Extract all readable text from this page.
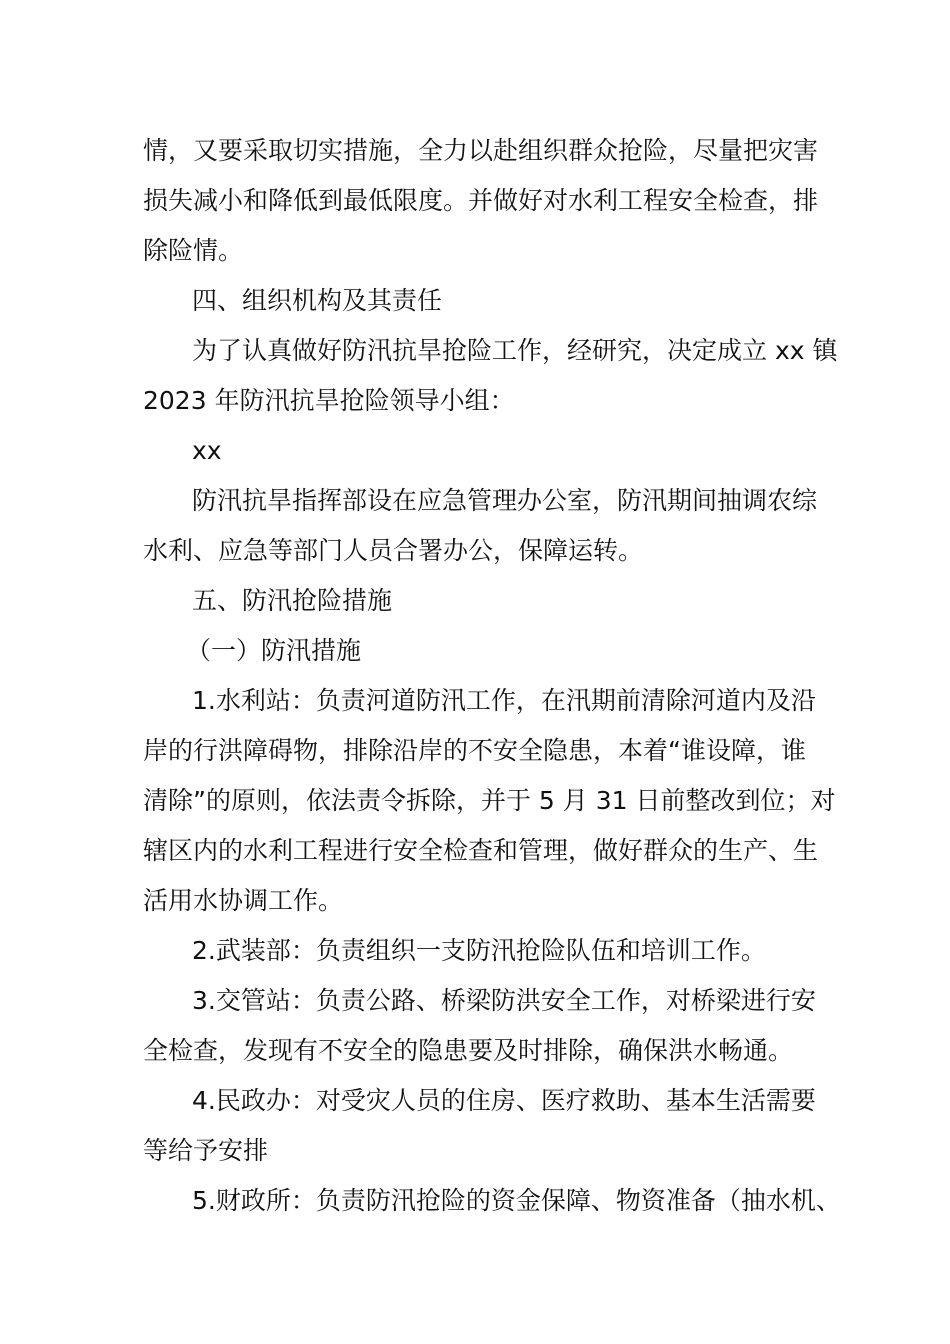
情，又要采取切实措施，全力以赴组织群众抢险，尽量把灾害
损失减小和降低到最低限度。并做好对水利工程安全检查，排
除险情。
四、组织机构及其责任
为了认真做好防汛抗旱抢险工作，经研究，决定成立 xx 镇
2023 年防汛抗旱抢险领导小组：
xx
防汛抗旱指挥部设在应急管理办公室，防汛期间抽调农综
水利、应急等部门人员合署办公，保障运转。
五、防汛抢险措施
（一）防汛措施
1.水利站：负责河道防汛工作，在汛期前清除河道内及沿
岸的行洪障碍物，排除沿岸的不安全隐患，本着“谁设障，谁
清除”的原则，依法责令拆除，并于 5 月 31 日前整改到位；对
辖区内的水利工程进行安全检查和管理，做好群众的生产、生
活用水协调工作。
2.武装部：负责组织一支防汛抢险队伍和培训工作。
3.交管站：负责公路、桥梁防洪安全工作，对桥梁进行安
全检查，发现有不安全的隐患要及时排除，确保洪水畅通。
4.民政办：对受灾人员的住房、医疗救助、基本生活需要
等给予安排
5.财政所：负责防汛抢险的资金保障、物资准备（抽水机、
